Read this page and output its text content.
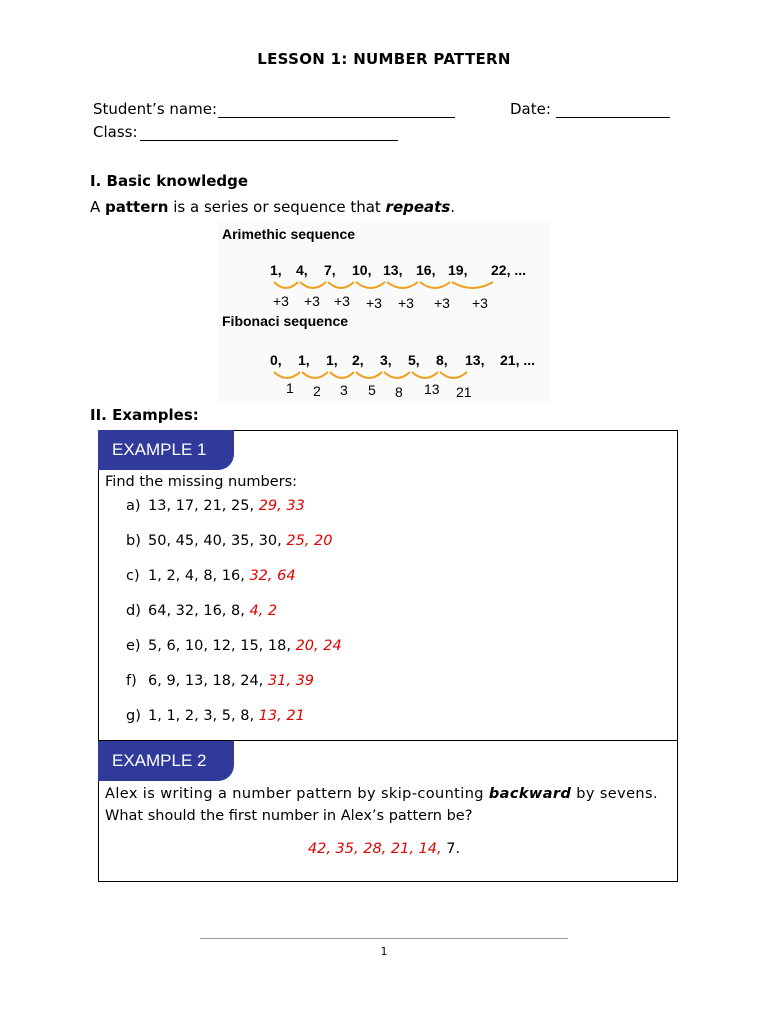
LESSON 1: NUMBER PATTERN
Student’s name:	Date:
Class:
I. Basic knowledge
A pattern is a series or sequence that repeats.
Arimethic sequence
1, 4, 7, 10, 13, 16, 19, 22, ...
+3 +3 +3 +3 +3 +3 +3
Fibonaci sequence
0, 1, 1, 2, 3, 5, 8, 13, 21, ...
1 2 3 5 8 13 21
II. Examples:
EXAMPLE 1
Find the missing numbers:
a) 13, 17, 21, 25, 29, 33
b) 50, 45, 40, 35, 30, 25, 20
c) 1, 2, 4, 8, 16, 32, 64
d) 64, 32, 16, 8, 4, 2
e) 5, 6, 10, 12, 15, 18, 20, 24
f) 6, 9, 13, 18, 24, 31, 39
g) 1, 1, 2, 3, 5, 8, 13, 21
EXAMPLE 2
Alex is writing a number pattern by skip-counting backward by sevens.
What should the first number in Alex’s pattern be?
42, 35, 28, 21, 14, 7.
1
